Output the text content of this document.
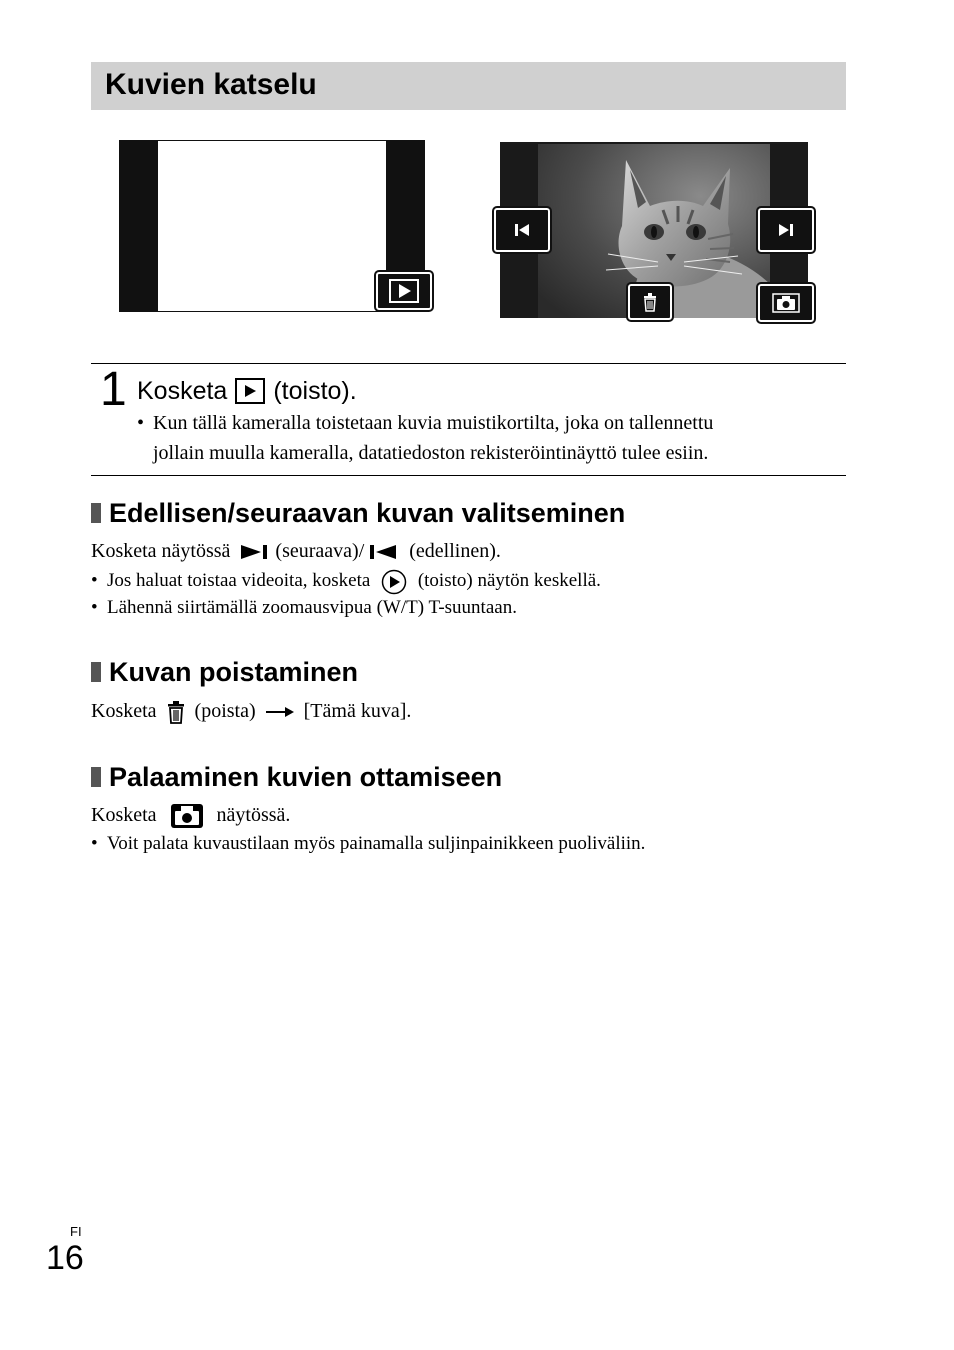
Kuvien katselu
1 Kosketa (toisto).
• Kun tällä kameralla toistetaan kuvia muistikortilta, joka on tallennettu
jollain muulla kameralla, datatiedoston rekisteröintinäyttö tulee esiin.
Edellisen/seuraavan kuvan valitseminen
Kosketa näytössä (seuraava)/ (edellinen).
• Jos haluat toistaa videoita, kosketa	(toisto) näytön keskellä.
• Lähennä siirtämällä zoomausvipua (W/T) T-suuntaan.
Kuvan poistaminen
Kosketa (poista) [Tämä kuva].
Palaaminen kuvien ottamiseen
Kosketa	näytössä.
• Voit palata kuvaustilaan myös painamalla suljinpainikkeen puoliväliin.
FI
16
